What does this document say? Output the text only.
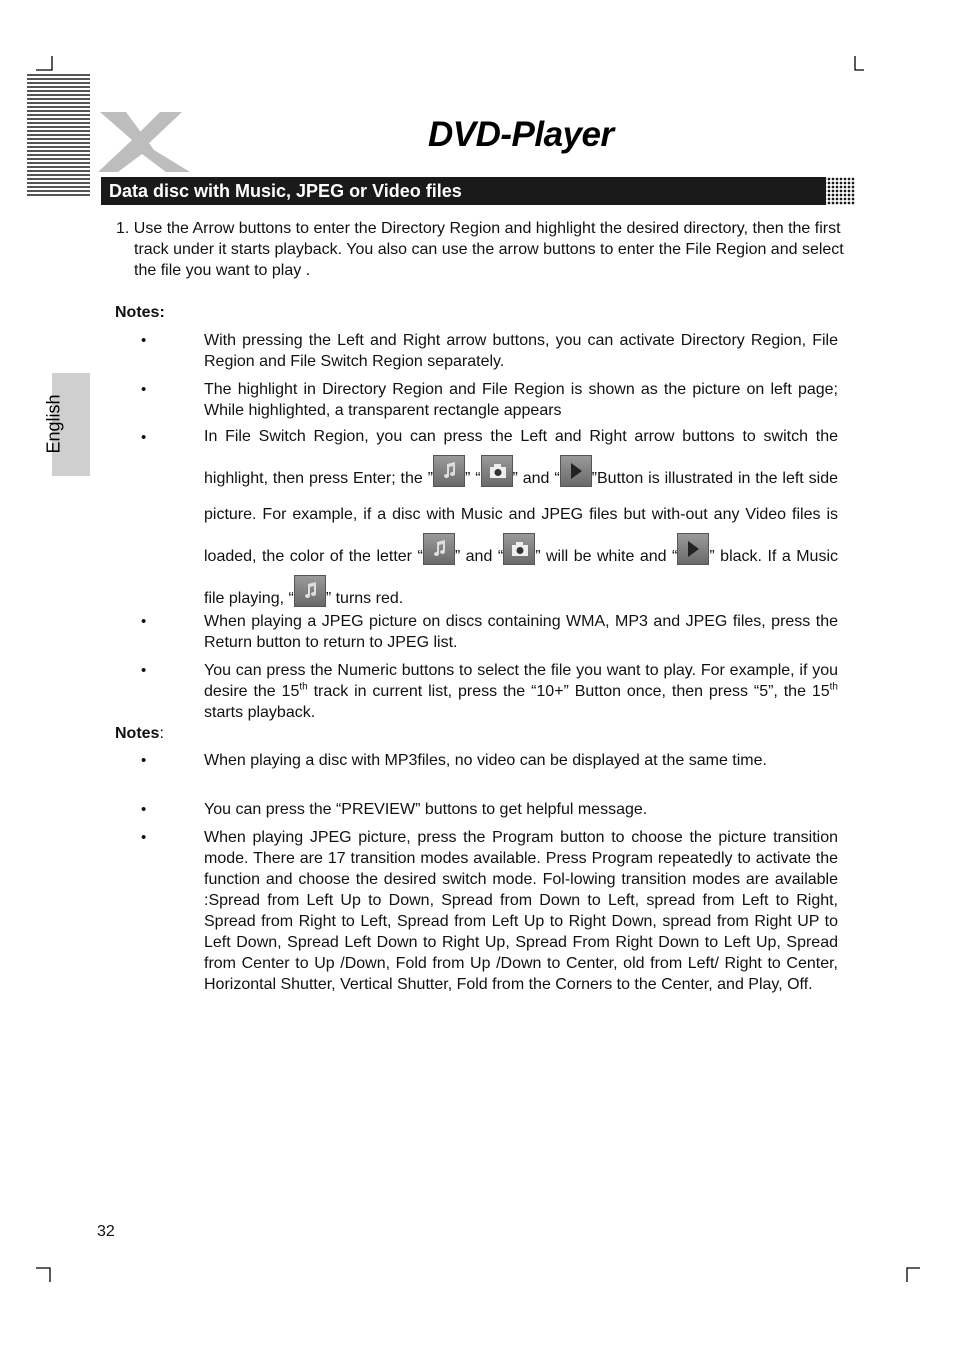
DVD-Player
Data disc with Music, JPEG or Video files
English
1. Use the Arrow buttons to enter the Directory Region and highlight the desired directory, then the first track under it starts playback. You also can use the arrow buttons to enter the File Region and select the file you want to play .
Notes:
•	With pressing the Left and Right arrow buttons, you can activate Directory Region, File Region and File Switch Region separately.
•	The highlight in Directory Region and File Region is shown as the picture on left page; While highlighted, a transparent rectangle appears
•	In File Switch Region, you can press the Left and Right arrow buttons to switch the highlight, then press Enter; the ” ” “ ” and “ ”Button is illustrated in the left side picture. For example, if a disc with Music and JPEG files but with-out any Video files is loaded, the color of the letter “ ” and “ ” will be white and “ ” black. If a Music file playing, “ ” turns red.
•	When playing a JPEG picture on discs containing WMA, MP3 and JPEG files, press the Return button to return to JPEG list.
•	You can press the Numeric buttons to select the file you want to play. For example, if you desire the 15th track in current list, press the “10+” Button once, then press “5”, the 15th starts playback.
Notes:
•	When playing a disc with MP3files, no video can be displayed at the same time.
•	You can press the “PREVIEW” buttons to get helpful message.
•	When playing JPEG picture, press the Program button to choose the picture transition mode. There are 17 transition modes available. Press Program repeatedly to activate the function and choose the desired switch mode. Fol-lowing transition modes are available :Spread from Left Up to Down, Spread from Down to Left, spread from Left to Right, Spread from Right to Left, Spread from Left Up to Right Down, spread from Right UP to Left Down, Spread Left Down to Right Up, Spread From Right Down to Left Up, Spread from Center to Up /Down, Fold from Up /Down to Center, old from Left/ Right to Center, Horizontal Shutter, Vertical Shutter, Fold from the Corners to the Center, and Play, Off.
32
